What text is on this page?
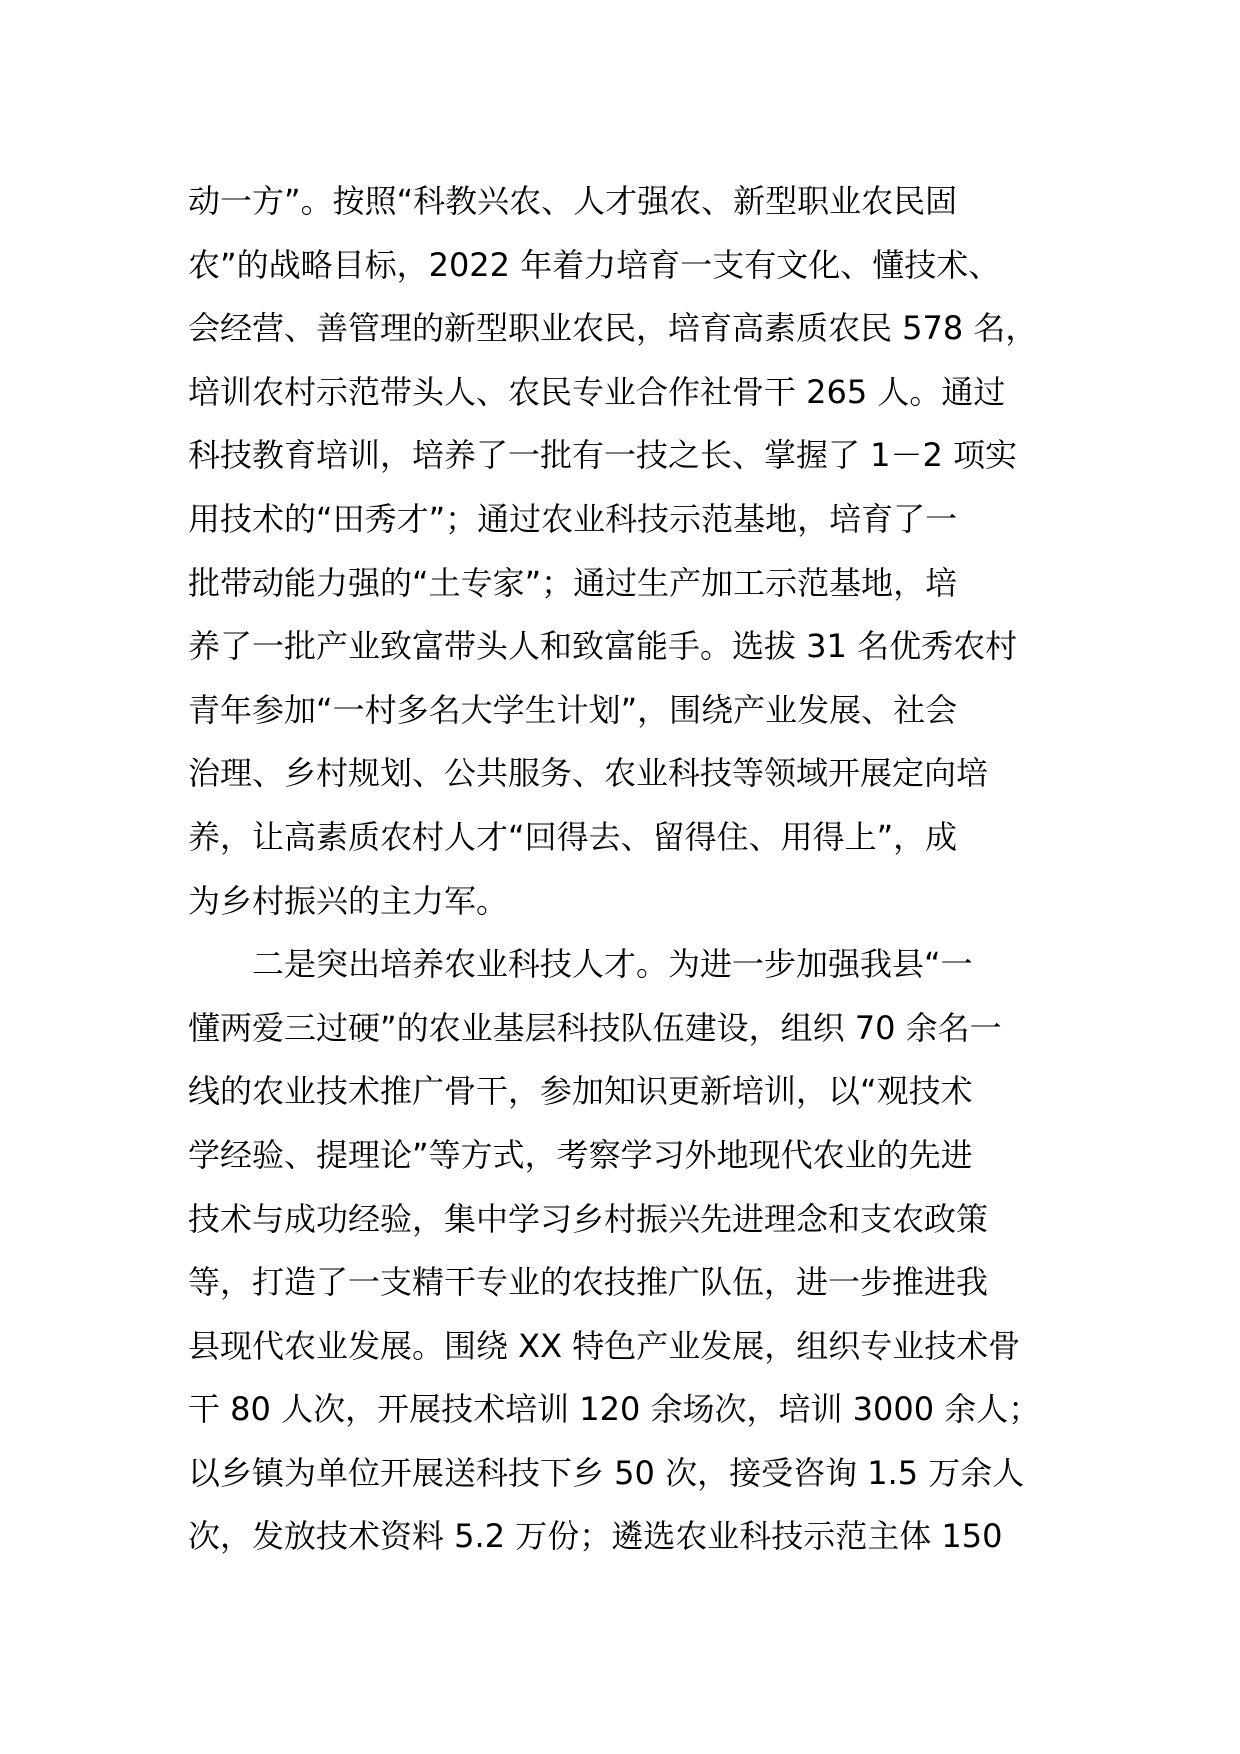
动一方”。按照“科教兴农、人才强农、新型职业农民固
农”的战略目标，2022 年着力培育一支有文化、懂技术、
会经营、善管理的新型职业农民，培育高素质农民 578 名，
培训农村示范带头人、农民专业合作社骨干 265 人。通过
科技教育培训，培养了一批有一技之长、掌握了 1－2 项实
用技术的“田秀才”；通过农业科技示范基地，培育了一
批带动能力强的“土专家”；通过生产加工示范基地，培
养了一批产业致富带头人和致富能手。选拔 31 名优秀农村
青年参加“一村多名大学生计划”，围绕产业发展、社会
治理、乡村规划、公共服务、农业科技等领域开展定向培
养，让高素质农村人才“回得去、留得住、用得上”，成
为乡村振兴的主力军。
　　二是突出培养农业科技人才。为进一步加强我县“一
懂两爱三过硬”的农业基层科技队伍建设，组织 70 余名一
线的农业技术推广骨干，参加知识更新培训，以“观技术
学经验、提理论”等方式，考察学习外地现代农业的先进
技术与成功经验，集中学习乡村振兴先进理念和支农政策
等，打造了一支精干专业的农技推广队伍，进一步推进我
县现代农业发展。围绕 XX 特色产业发展，组织专业技术骨
干 80 人次，开展技术培训 120 余场次，培训 3000 余人；
以乡镇为单位开展送科技下乡 50 次，接受咨询 1.5 万余人
次，发放技术资料 5.2 万份；遴选农业科技示范主体 150
